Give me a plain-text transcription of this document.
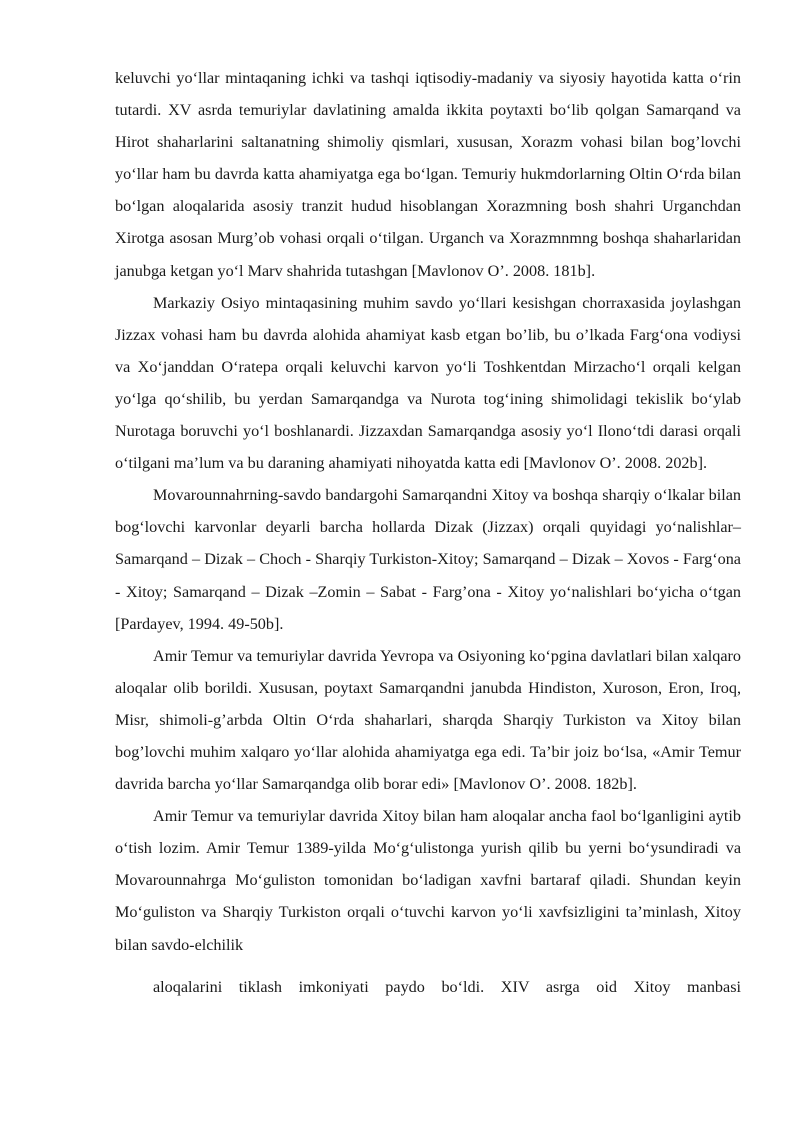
keluvchi yo‘llar mintaqaning ichki va tashqi iqtisodiy-madaniy va siyosiy hayotida katta o‘rin tutardi. XV asrda temuriylar davlatining amalda ikkita poytaxti bo‘lib qolgan Samarqand va Hirot shaharlarini saltanatning shimoliy qismlari, xususan, Xorazm vohasi bilan bog’lovchi yo‘llar ham bu davrda katta ahamiyatga ega bo‘lgan. Temuriy hukmdorlarning Oltin O‘rda bilan bo‘lgan aloqalarida asosiy tranzit hudud hisoblangan Xorazmning bosh shahri Urganchdan Xirotga asosan Murg’ob vohasi orqali o‘tilgan. Urganch va Xorazmnmng boshqa shaharlaridan janubga ketgan yo‘l Marv shahrida tutashgan [Mavlonov O’. 2008. 181b].

Markaziy Osiyo mintaqasining muhim savdo yo‘llari kesishgan chorraxasida joylashgan Jizzax vohasi ham bu davrda alohida ahamiyat kasb etgan bo’lib, bu o’lkada Farg‘ona vodiysi va Xo‘janddan O‘ratepa orqali keluvchi karvon yo‘li Toshkentdan Mirzacho‘l orqali kelgan yo‘lga qo‘shilib, bu yerdan Samarqandga va Nurota tog‘ining shimolidagi tekislik bo‘ylab Nurotaga boruvchi yo‘l boshlanardi. Jizzaxdan Samarqandga asosiy yo‘l Ilono‘tdi darasi orqali o‘tilgani ma’lum va bu daraning ahamiyati nihoyatda katta edi [Mavlonov O’. 2008. 202b].

Movarounnahrning-savdo bandargohi Samarqandni Xitoy va boshqa sharqiy o‘lkalar bilan bog‘lovchi karvonlar deyarli barcha hollarda Dizak (Jizzax) orqali quyidagi yo‘nalishlar–Samarqand – Dizak – Choch - Sharqiy Turkiston-Xitoy; Samarqand – Dizak – Xovos - Farg‘ona - Xitoy; Samarqand – Dizak –Zomin – Sabat - Farg’ona - Xitoy yo‘nalishlari bo‘yicha o‘tgan [Pardayev, 1994. 49-50b].

Amir Temur va temuriylar davrida Yevropa va Osiyoning ko‘pgina davlatlari bilan xalqaro aloqalar olib borildi. Xususan, poytaxt Samarqandni janubda Hindiston, Xuroson, Eron, Iroq, Misr, shimoli-g’arbda Oltin O‘rda shaharlari, sharqda Sharqiy Turkiston va Xitoy bilan bog’lovchi muhim xalqaro yo‘llar alohida ahamiyatga ega edi. Ta’bir joiz bo‘lsa, «Amir Temur davrida barcha yo‘llar Samarqandga olib borar edi» [Mavlonov O’. 2008. 182b].

Amir Temur va temuriylar davrida Xitoy bilan ham aloqalar ancha faol bo‘lganligini aytib o‘tish lozim. Amir Temur 1389-yilda Mo‘g‘ulistonga yurish qilib bu yerni bo‘ysundiradi va Movarounnahrga Mo‘guliston tomonidan bo‘ladigan xavfni bartaraf qiladi. Shundan keyin Mo‘guliston va Sharqiy Turkiston orqali o‘tuvchi karvon yo‘li xavfsizligini ta’minlash, Xitoy bilan savdo-elchilik

aloqalarini tiklash imkoniyati paydo bo‘ldi. XIV asrga oid Xitoy manbasi
